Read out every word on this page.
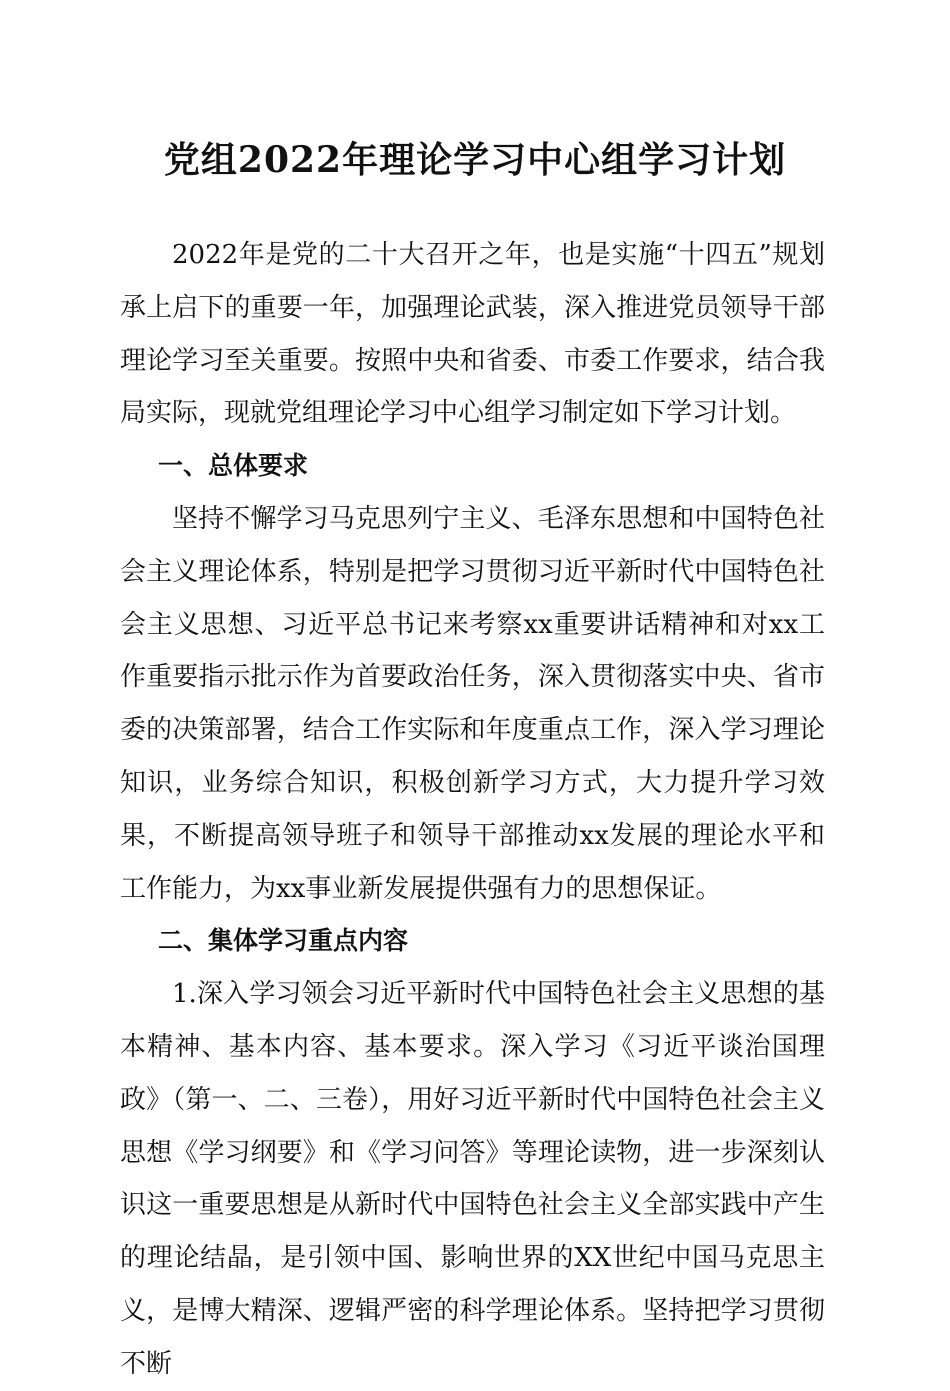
党组2022年理论学习中心组学习计划

2022年是党的二十大召开之年，也是实施“十四五”规划承上启下的重要一年，加强理论武装，深入推进党员领导干部理论学习至关重要。按照中央和省委、市委工作要求，结合我局实际，现就党组理论学习中心组学习制定如下学习计划。

一、总体要求

坚持不懈学习马克思列宁主义、毛泽东思想和中国特色社会主义理论体系，特别是把学习贯彻习近平新时代中国特色社会主义思想、习近平总书记来考察xx重要讲话精神和对xx工作重要指示批示作为首要政治任务，深入贯彻落实中央、省市委的决策部署，结合工作实际和年度重点工作，深入学习理论知识，业务综合知识，积极创新学习方式，大力提升学习效果，不断提高领导班子和领导干部推动xx发展的理论水平和工作能力，为xx事业新发展提供强有力的思想保证。

二、集体学习重点内容

1.深入学习领会习近平新时代中国特色社会主义思想的基本精神、基本内容、基本要求。深入学习《习近平谈治国理政》（第一、二、三卷），用好习近平新时代中国特色社会主义思想《学习纲要》和《学习问答》等理论读物，进一步深刻认识这一重要思想是从新时代中国特色社会主义全部实践中产生的理论结晶，是引领中国、影响世界的XX世纪中国马克思主义，是博大精深、逻辑严密的科学理论体系。坚持把学习贯彻不断
